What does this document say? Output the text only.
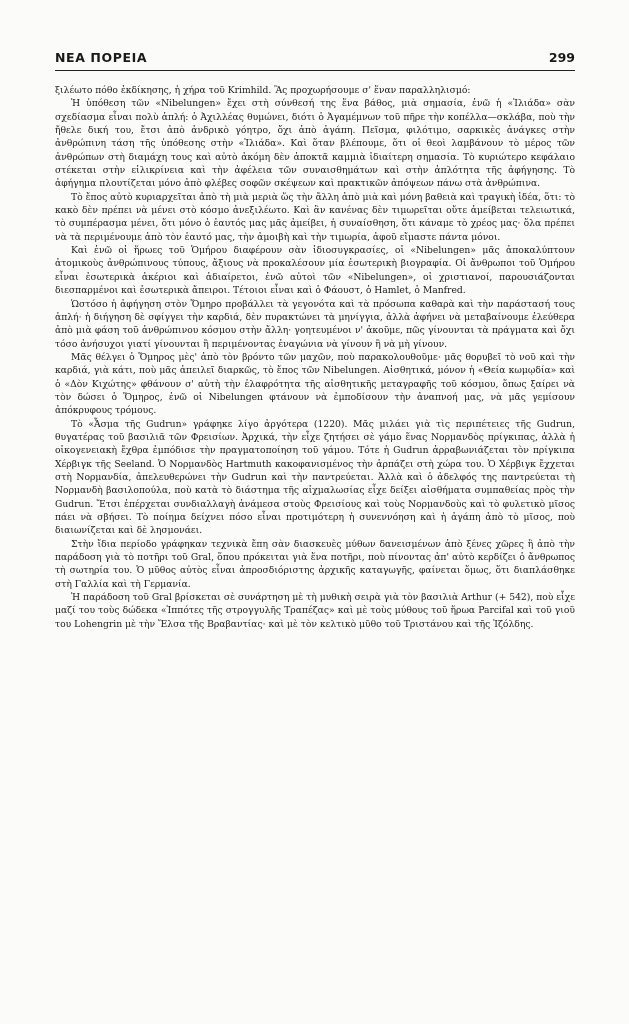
ΝΕΑ ΠΟΡΕΙΑ	299

ξιλέωτο πόθο ἐκδίκησης, ἡ χήρα τοῦ Krimhild. Ἂς προχωρήσουμε σ' ἕναν παραλληλισμό:

Ἡ ὑπόθεση τῶν «Nibelungen» ἔχει στὴ σύνθεσή της ἕνα βάθος, μιὰ σημασία, ἐνῶ ἡ «Ἰλιάδα» σὰν σχεδίασμα εἶναι πολὺ ἁπλή: ὁ Ἀχιλλέας θυμώνει, διότι ὁ Ἀγαμέμνων τοῦ πῆρε τὴν κοπέλλα—σκλάβα, ποὺ τὴν ἤθελε δική του, ἔτσι ἀπὸ ἀνδρικὸ γόητρο, ὄχι ἀπὸ ἀγάπη. Πεῖσμα, φιλότιμο, σαρκικὲς ἀνάγκες στὴν ἀνθρώπινη τάση τῆς ὑπόθεσης στὴν «Ἰλιάδα». Καὶ ὅταν βλέπουμε, ὅτι οἱ θεοὶ λαμβάνουν τὸ μέρος τῶν ἀνθρώπων στὴ διαμάχη τους καὶ αὐτὸ ἀκόμη δὲν ἀποκτᾶ καμμιὰ ἰδιαίτερη σημασία. Τὸ κυριώτερο κεφάλαιο στέκεται στὴν εἰλικρίνεια καὶ τὴν ἀφέλεια τῶν συναισθημάτων καὶ στὴν ἁπλότητα τῆς ἀφήγησης. Τὸ ἀφήγημα πλουτίζεται μόνο ἀπὸ φλέβες σοφῶν σκέψεων καὶ πρακτικῶν ἀπόψεων πάνω στὰ ἀνθρώπινα.

Τὸ ἔπος αὐτὸ κυριαρχεῖται ἀπὸ τὴ μιὰ μεριὰ ὥς τὴν ἄλλη ἀπὸ μιὰ καὶ μόνη βαθειὰ καὶ τραγικὴ ἰδέα, ὅτι: τὸ κακὸ δὲν πρέπει νὰ μένει στὸ κόσμο ἀνεξιλέωτο. Καὶ ἂν κανένας δὲν τιμωρεῖται οὔτε ἀμείβεται τελειωτικά, τὸ συμπέρασμα μένει, ὅτι μόνο ὁ ἑαυτός μας μᾶς ἀμείβει, ἡ συναίσθηση, ὅτι κάναμε τὸ χρέος μας· ὅλα πρέπει νὰ τὰ περιμένουμε ἀπὸ τὸν ἑαυτό μας, τὴν ἀμοιβὴ καὶ τὴν τιμωρία, ἀφοῦ εἴμαστε πάντα μόνοι.

Καὶ ἐνῶ οἱ ἥρωες τοῦ Ὁμήρου διαφέρουν σὰν ἰδιοσυγκρασίες, οἱ «Nibelungen» μᾶς ἀποκαλύπτουν ἀτομικοὺς ἀνθρώπινους τύπους, ἄξιους νὰ προκαλέσουν μία ἐσωτερικὴ βιογραφία. Οἱ ἄνθρωποι τοῦ Ὁμήρου εἶναι ἐσωτερικὰ ἀκέριοι καὶ ἀδιαίρετοι, ἐνῶ αὐτοὶ τῶν «Nibelungen», οἱ χριστιανοί, παρουσιάζονται διεσπαρμένοι καὶ ἐσωτερικὰ ἄπειροι. Τέτοιοι εἶναι καὶ ὁ Φάουστ, ὁ Hamlet, ὁ Manfred.

Ὡστόσο ἡ ἀφήγηση στὸν Ὅμηρο προβάλλει τὰ γεγονότα καὶ τὰ πρόσωπα καθαρὰ καὶ τὴν παράστασή τους ἁπλή· ἡ διήγηση δὲ σφίγγει τὴν καρδιά, δὲν πυρακτώνει τὰ μηνίγγια, ἀλλὰ ἀφήνει νὰ μεταβαίνουμε ἐλεύθερα ἀπὸ μιὰ φάση τοῦ ἀνθρώπινου κόσμου στὴν ἄλλη· γοητευμένοι ν' ἀκοῦμε, πῶς γίνουνται τὰ πράγματα καὶ ὄχι τόσο ἀνήσυχοι γιατί γίνουνται ἢ περιμένοντας ἐναγώνια νὰ γίνουν ἢ νὰ μὴ γίνουν.

Μᾶς θέλγει ὁ Ὅμηρος μὲς' ἀπὸ τὸν βρόντο τῶν μαχῶν, ποὺ παρακολουθοῦμε· μᾶς θορυβεῖ τὸ νοῦ καὶ τὴν καρδιά, γιὰ κάτι, ποὺ μᾶς ἀπειλεῖ διαρκῶς, τὸ ἔπος τῶν Nibelungen. Αἰσθητικά, μόνον ἡ «Θεία κωμῳδία» καὶ ὁ «Δὸν Κιχώτης» φθάνουν σ' αὐτὴ τὴν ἐλαφρότητα τῆς αἰσθητικῆς μεταγραφῆς τοῦ κόσμου, ὅπως ξαίρει νὰ τὸν δώσει ὁ Ὅμηρος, ἐνῶ οἱ Nibelungen φτάνουν νὰ ἐμποδίσουν τὴν ἀναπνοή μας, νὰ μᾶς γεμίσουν ἀπόκρυφους τρόμους.

Τὸ «Ἆσμα τῆς Gudrun» γράφηκε λίγο ἀργότερα (1220). Μᾶς μιλάει γιὰ τὶς περιπέτειες τῆς Gudrun, θυγατέρας τοῦ βασιλιᾶ τῶν Φρεισίων. Ἀρχικά, τὴν εἶχε ζητήσει σὲ γάμο ἕνας Νορμανδὸς πρίγκιπας, ἀλλὰ ἡ οἰκογενειακὴ ἔχθρα ἐμπόδισε τὴν πραγματοποίηση τοῦ γάμου. Τότε ἡ Gudrun ἀρραβωνιάζεται τὸν πρίγκιπα Χέρβιγκ τῆς Seeland. Ὁ Νορμανδὸς Hartmuth κακοφανισμένος τὴν ἁρπάζει στὴ χώρα του. Ὁ Χέρβιγκ ἔχχεται στὴ Νορμανδία, ἀπελευθερώνει τὴν Gudrun καὶ τὴν παντρεύεται. Ἀλλὰ καὶ ὁ ἀδελφός της παντρεύεται τὴ Νορμανδὴ βασιλοπούλα, ποὺ κατὰ τὸ διάστημα τῆς αἰχμαλωσίας εἶχε δείξει αἰσθήματα συμπαθείας πρὸς τὴν Gudrun. Ἔτσι ἐπέρχεται συνδιαλλαγὴ ἀνάμεσα στοὺς Φρεισίους καὶ τοὺς Νορμανδοὺς καὶ τὸ φυλετικὸ μῖσος πάει νὰ σβήσει. Τὸ ποίημα δείχνει πόσο εἶναι προτιμότερη ἡ συνεννόηση καὶ ἡ ἀγάπη ἀπὸ τὸ μῖσος, ποὺ διαιωνίζεται καὶ δὲ λησμονάει.

Στὴν ἴδια περίοδο γράφηκαν τεχνικὰ ἔπη σὰν διασκευὲς μύθων δανεισμένων ἀπὸ ξένες χῶρες ἢ ἀπὸ τὴν παράδοση γιὰ τὸ ποτῆρι τοῦ Gral, ὅπου πρόκειται γιὰ ἕνα ποτῆρι, ποὺ πίνοντας ἀπ' αὐτὸ κερδίζει ὁ ἄνθρωπος τὴ σωτηρία του. Ὁ μῦθος αὐτὸς εἶναι ἀπροσδιόριστης ἀρχικῆς καταγωγῆς, φαίνεται ὅμως, ὅτι διαπλάσθηκε στὴ Γαλλία καὶ τὴ Γερμανία.

Ἡ παράδοση τοῦ Gral βρίσκεται σὲ συνάρτηση μὲ τὴ μυθικὴ σειρὰ γιὰ τὸν βασιλιὰ Arthur (+ 542), ποὺ εἶχε μαζί του τοὺς δώδεκα «Ἱππότες τῆς στρογγυλῆς Τραπέζας» καὶ μὲ τοὺς μύθους τοῦ ἥρωα Parcifal καὶ τοῦ γιοῦ του Lohengrin μὲ τὴν Ἔλσα τῆς Βραβαντίας· καὶ μὲ τὸν κελτικὸ μῦθο τοῦ Τριστάνου καὶ τῆς Ἰζόλδης.
